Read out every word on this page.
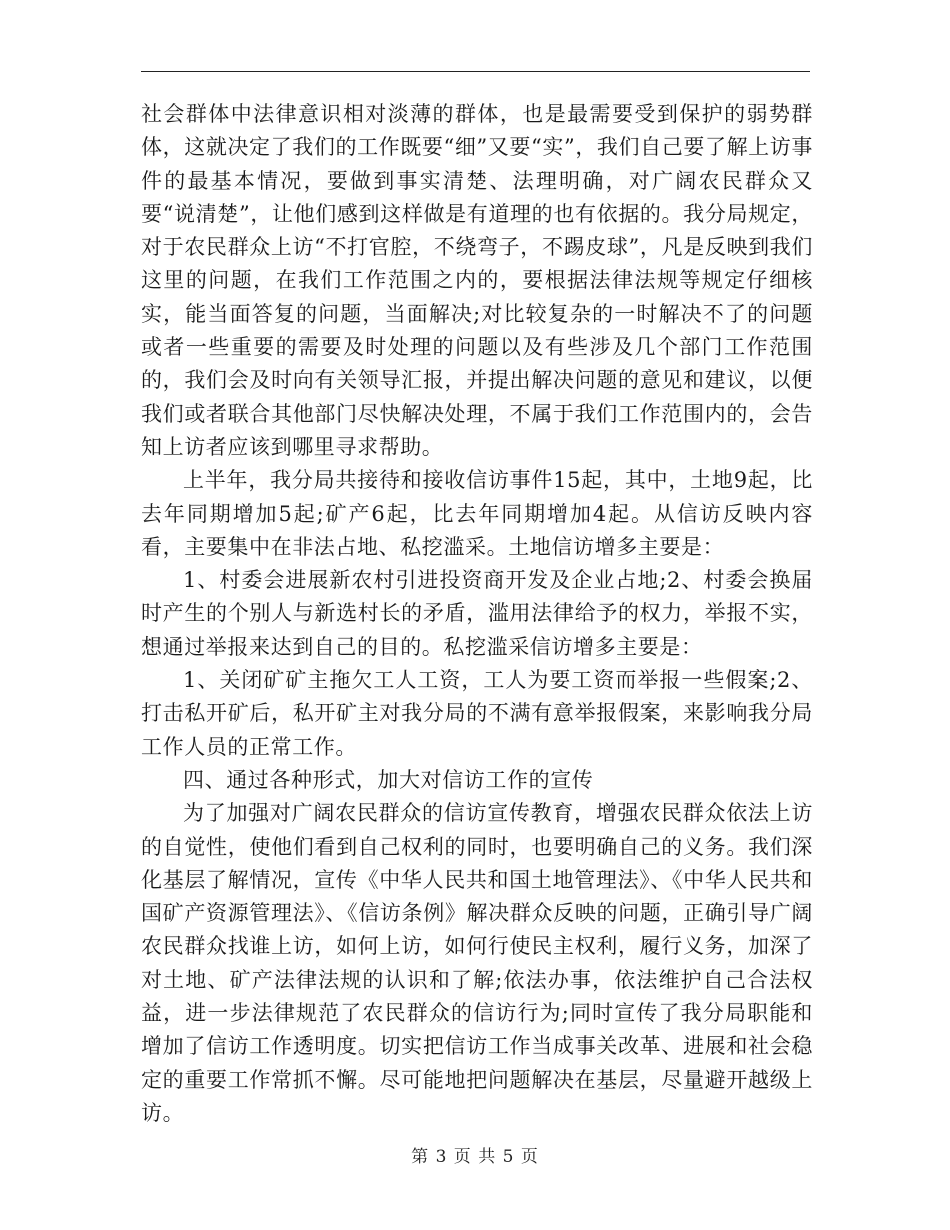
社会群体中法律意识相对淡薄的群体，也是最需要受到保护的弱势群体，这就决定了我们的工作既要“细”又要“实”，我们自己要了解上访事件的最基本情况，要做到事实清楚、法理明确，对广阔农民群众又要“说清楚”，让他们感到这样做是有道理的也有依据的。我分局规定，对于农民群众上访“不打官腔，不绕弯子，不踢皮球”，凡是反映到我们这里的问题，在我们工作范围之内的，要根据法律法规等规定仔细核实，能当面答复的问题，当面解决;对比较复杂的一时解决不了的问题或者一些重要的需要及时处理的问题以及有些涉及几个部门工作范围的，我们会及时向有关领导汇报，并提出解决问题的意见和建议，以便我们或者联合其他部门尽快解决处理，不属于我们工作范围内的，会告知上访者应该到哪里寻求帮助。

上半年，我分局共接待和接收信访事件15起，其中，土地9起，比去年同期增加5起;矿产6起，比去年同期增加4起。从信访反映内容看，主要集中在非法占地、私挖滥采。土地信访增多主要是：

1、村委会进展新农村引进投资商开发及企业占地;2、村委会换届时产生的个别人与新选村长的矛盾，滥用法律给予的权力，举报不实，想通过举报来达到自己的目的。私挖滥采信访增多主要是：

1、关闭矿矿主拖欠工人工资，工人为要工资而举报一些假案;2、打击私开矿后，私开矿主对我分局的不满有意举报假案，来影响我分局工作人员的正常工作。

四、通过各种形式，加大对信访工作的宣传

为了加强对广阔农民群众的信访宣传教育，增强农民群众依法上访的自觉性，使他们看到自己权利的同时，也要明确自己的义务。我们深化基层了解情况，宣传《中华人民共和国土地管理法》、《中华人民共和国矿产资源管理法》、《信访条例》解决群众反映的问题，正确引导广阔农民群众找谁上访，如何上访，如何行使民主权利，履行义务，加深了对土地、矿产法律法规的认识和了解;依法办事，依法维护自己合法权益，进一步法律规范了农民群众的信访行为;同时宣传了我分局职能和增加了信访工作透明度。切实把信访工作当成事关改革、进展和社会稳定的重要工作常抓不懈。尽可能地把问题解决在基层，尽量避开越级上访。

第 3 页 共 5 页
